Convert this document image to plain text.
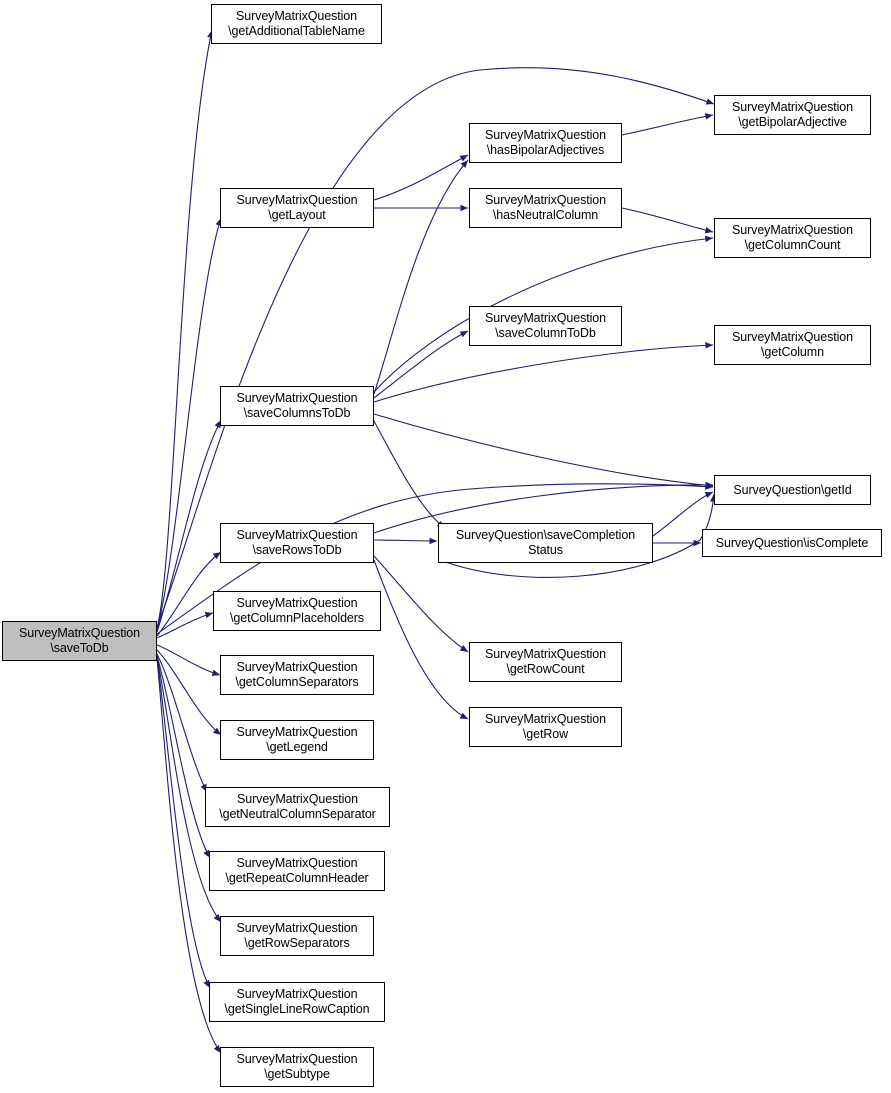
SurveyMatrixQuestion
\saveToDb
SurveyMatrixQuestion
\getAdditionalTableName
SurveyMatrixQuestion
\getBipolarAdjective
SurveyMatrixQuestion
\hasBipolarAdjectives
SurveyMatrixQuestion
\getLayout
SurveyMatrixQuestion
\hasNeutralColumn
SurveyMatrixQuestion
\getColumnCount
SurveyMatrixQuestion
\saveColumnToDb	SurveyMatrixQuestion
\getColumn
SurveyMatrixQuestion
\saveColumnsToDb
SurveyQuestion\getId
SurveyMatrixQuestion
\saveRowsToDb
SurveyQuestion\saveCompletion
Status
SurveyQuestion\isComplete
SurveyMatrixQuestion
\getColumnPlaceholders
SurveyMatrixQuestion
\getColumnSeparators
SurveyMatrixQuestion
\getRowCount
SurveyMatrixQuestion
\getRow
SurveyMatrixQuestion
\getLegend
SurveyMatrixQuestion
\getNeutralColumnSeparator
SurveyMatrixQuestion
\getRepeatColumnHeader
SurveyMatrixQuestion
\getRowSeparators
SurveyMatrixQuestion
\getSingleLineRowCaption
SurveyMatrixQuestion
\getSubtype
